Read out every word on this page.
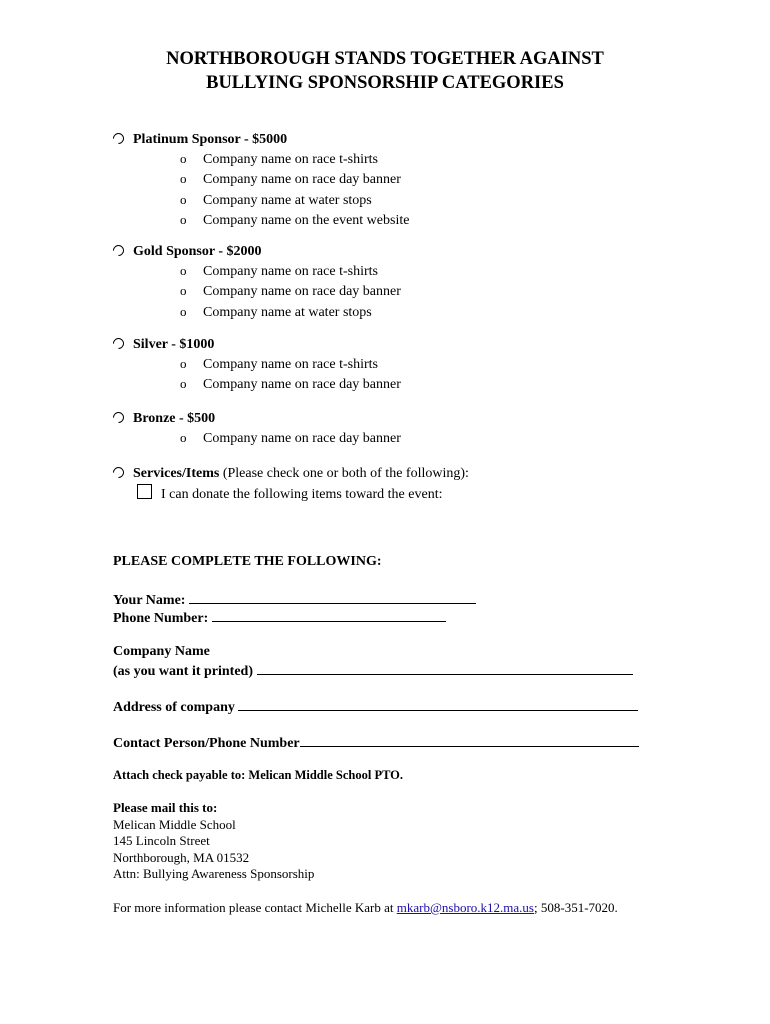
NORTHBOROUGH STANDS TOGETHER AGAINST
BULLYING SPONSORSHIP CATEGORIES
Platinum Sponsor - $5000
o Company name on race t-shirts
o Company name on race day banner
o Company name at water stops
o Company name on the event website
Gold Sponsor - $2000
o Company name on race t-shirts
o Company name on race day banner
o Company name at water stops
Silver - $1000
o Company name on race t-shirts
o Company name on race day banner
Bronze - $500
o Company name on race day banner
Services/Items (Please check one or both of the following):
I can donate the following items toward the event:
PLEASE COMPLETE THE FOLLOWING:
Your Name:
Phone Number:
Company Name
(as you want it printed)
Address of company
Contact Person/Phone Number
Attach check payable to: Melican Middle School PTO.
Please mail this to:
Melican Middle School
145 Lincoln Street
Northborough, MA 01532
Attn: Bullying Awareness Sponsorship
For more information please contact Michelle Karb at mkarb@nsboro.k12.ma.us; 508-351-7020.
